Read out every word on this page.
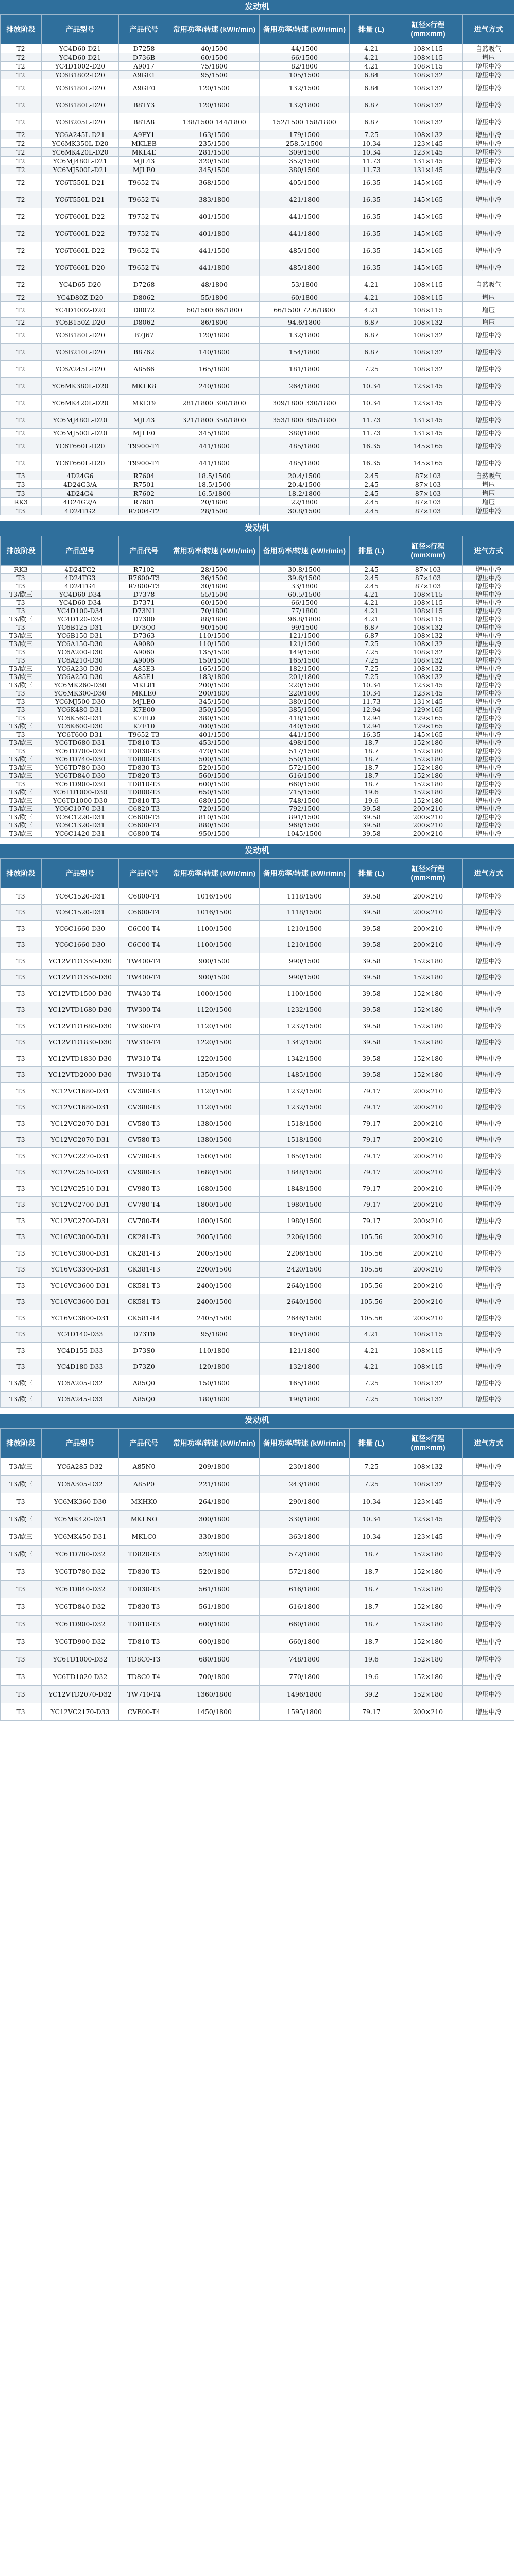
发动机
排放阶段	产品型号	产品代号	常用功率/转速 (kW/r/min)	备用功率/转速 (kW/r/min)	排量 (L)	缸径×行程 (mm×mm)	进气方式
T2	YC4D60-D21	D7258	40/1500	44/1500	4.21	108×115	自然吸气
T2	YC4D60-D21	D736B	60/1500	66/1500	4.21	108×115	增压
T2	YC4D1002-D20	A9017	75/1800	82/1800	4.21	108×115	增压中冷
T2	YC6B1802-D20	A9GE1	95/1500	105/1500	6.84	108×132	增压中冷
T2	YC6B180L-D20	A9GF0	120/1500	132/1500	6.84	108×132	增压中冷
T2	YC6B180L-D20	B8TY3	120/1800	132/1800	6.87	108×132	增压中冷
T2	YC6B205L-D20	B8TA8	138/1500 144/1800	152/1500 158/1800	6.87	108×132	增压中冷
T2	YC6A245L-D21	A9FY1	163/1500	179/1500	7.25	108×132	增压中冷
T2	YC6MK350L-D20	MKLEB	235/1500	258.5/1500	10.34	123×145	增压中冷
T2	YC6MK420L-D20	MKL4E	281/1500	309/1500	10.34	123×145	增压中冷
T2	YC6MJ480L-D21	MJL43	320/1500	352/1500	11.73	131×145	增压中冷
T2	YC6MJ500L-D21	MJLE0	345/1500	380/1500	11.73	131×145	增压中冷
T2	YC6T550L-D21	T9652-T4	368/1500	405/1500	16.35	145×165	增压中冷
T2	YC6T550L-D21	T9652-T4	383/1800	421/1800	16.35	145×165	增压中冷
T2	YC6T600L-D22	T9752-T4	401/1500	441/1500	16.35	145×165	增压中冷
T2	YC6T600L-D22	T9752-T4	401/1800	441/1800	16.35	145×165	增压中冷
T2	YC6T660L-D22	T9652-T4	441/1500	485/1500	16.35	145×165	增压中冷
T2	YC6T660L-D20	T9652-T4	441/1800	485/1800	16.35	145×165	增压中冷
T2	YC4D65-D20	D7268	48/1800	53/1800	4.21	108×115	自然吸气
T2	YC4D80Z-D20	D8062	55/1800	60/1800	4.21	108×115	增压
T2	YC4D100Z-D20	D8072	60/1500 66/1800	66/1500 72.6/1800	4.21	108×115	增压
T2	YC6B150Z-D20	D8062	86/1800	94.6/1800	6.87	108×132	增压
T2	YC6B180L-D20	B7J67	120/1800	132/1800	6.87	108×132	增压中冷
T2	YC6B210L-D20	B8762	140/1800	154/1800	6.87	108×132	增压中冷
T2	YC6A245L-D20	A8566	165/1800	181/1800	7.25	108×132	增压中冷
T2	YC6MK380L-D20	MKLK8	240/1800	264/1800	10.34	123×145	增压中冷
T2	YC6MK420L-D20	MKLT9	281/1800 300/1800	309/1800 330/1800	10.34	123×145	增压中冷
T2	YC6MJ480L-D20	MJL43	321/1800 350/1800	353/1800 385/1800	11.73	131×145	增压中冷
T2	YC6MJ500L-D20	MJLE0	345/1800	380/1800	11.73	131×145	增压中冷
T2	YC6T660L-D20	T9900-T4	441/1800	485/1800	16.35	145×165	增压中冷
T2	YC6T660L-D20	T9900-T4	441/1800	485/1800	16.35	145×165	增压中冷
T3	4D24G6	R7604	18.5/1500	20.4/1500	2.45	87×103	自然吸气
T3	4D24G3/A	R7501	18.5/1500	20.4/1500	2.45	87×103	增压
T3	4D24G4	R7602	16.5/1800	18.2/1800	2.45	87×103	增压
RK3	4D24G2/A	R7601	20/1800	22/1800	2.45	87×103	增压
T3	4D24TG2	R7004-T2	28/1500	30.8/1500	2.45	87×103	增压中冷
发动机
排放阶段	产品型号	产品代号	常用功率/转速 (kW/r/min)	备用功率/转速 (kW/r/min)	排量 (L)	缸径×行程 (mm×mm)	进气方式
RK3	4D24TG2	R7102	28/1500	30.8/1500	2.45	87×103	增压中冷
T3	4D24TG3	R7600-T3	36/1500	39.6/1500	2.45	87×103	增压中冷
T3	4D24TG4	R7800-T3	30/1800	33/1800	2.45	87×103	增压中冷
T3/欧三	YC4D60-D34	D7378	55/1500	60.5/1500	4.21	108×115	增压中冷
T3	YC4D60-D34	D7371	60/1500	66/1500	4.21	108×115	增压中冷
T3	YC4D100-D34	D73N1	70/1800	77/1800	4.21	108×115	增压中冷
T3/欧三	YC4D120-D34	D7300	88/1800	96.8/1800	4.21	108×115	增压中冷
T3	YC6B125-D31	D73Q0	90/1500	99/1500	6.87	108×132	增压中冷
T3/欧三	YC6B150-D31	D7363	110/1500	121/1500	6.87	108×132	增压中冷
T3/欧三	YC6A150-D30	A9080	110/1500	121/1500	7.25	108×132	增压中冷
T3	YC6A200-D30	A9060	135/1500	149/1500	7.25	108×132	增压中冷
T3	YC6A210-D30	A9006	150/1500	165/1500	7.25	108×132	增压中冷
T3/欧三	YC6A230-D30	A85E3	165/1500	182/1500	7.25	108×132	增压中冷
T3/欧三	YC6A250-D30	A85E1	183/1800	201/1800	7.25	108×132	增压中冷
T3/欧三	YC6MK260-D30	MKL81	200/1500	220/1500	10.34	123×145	增压中冷
T3	YC6MK300-D30	MKLE0	200/1800	220/1800	10.34	123×145	增压中冷
T3	YC6MJ500-D30	MJLE0	345/1500	380/1500	11.73	131×145	增压中冷
T3	YC6K480-D31	K7E00	350/1500	385/1500	12.94	129×165	增压中冷
T3	YC6K560-D31	K7EL0	380/1500	418/1500	12.94	129×165	增压中冷
T3/欧三	YC6K600-D30	K7E10	400/1500	440/1500	12.94	129×165	增压中冷
T3	YC6T600-D31	T9652-T3	401/1500	441/1500	16.35	145×165	增压中冷
T3/欧三	YC6TD680-D31	TD810-T3	453/1500	498/1500	18.7	152×180	增压中冷
T3	YC6TD700-D30	TD830-T3	470/1500	517/1500	18.7	152×180	增压中冷
T3/欧三	YC6TD740-D30	TD800-T3	500/1500	550/1500	18.7	152×180	增压中冷
T3/欧三	YC6TD780-D30	TD830-T3	520/1500	572/1500	18.7	152×180	增压中冷
T3/欧三	YC6TD840-D30	TD820-T3	560/1500	616/1500	18.7	152×180	增压中冷
T3	YC6TD900-D30	TD810-T3	600/1500	660/1500	18.7	152×180	增压中冷
T3/欧三	YC6TD1000-D30	TD800-T3	650/1500	715/1500	19.6	152×180	增压中冷
T3/欧三	YC6TD1000-D30	TD810-T3	680/1500	748/1500	19.6	152×180	增压中冷
T3/欧三	YC6C1070-D31	C6820-T3	720/1500	792/1500	39.58	200×210	增压中冷
T3/欧三	YC6C1220-D31	C6600-T3	810/1500	891/1500	39.58	200×210	增压中冷
T3/欧三	YC6C1320-D31	C6600-T4	880/1500	968/1500	39.58	200×210	增压中冷
T3/欧三	YC6C1420-D31	C6800-T4	950/1500	1045/1500	39.58	200×210	增压中冷
发动机
排放阶段	产品型号	产品代号	常用功率/转速 (kW/r/min)	备用功率/转速 (kW/r/min)	排量 (L)	缸径×行程 (mm×mm)	进气方式
T3	YC6C1520-D31	C6800-T4	1016/1500	1118/1500	39.58	200×210	增压中冷
T3	YC6C1520-D31	C6600-T4	1016/1500	1118/1500	39.58	200×210	增压中冷
T3	YC6C1660-D30	C6C00-T4	1100/1500	1210/1500	39.58	200×210	增压中冷
T3	YC6C1660-D30	C6C00-T4	1100/1500	1210/1500	39.58	200×210	增压中冷
T3	YC12VTD1350-D30	TW400-T4	900/1500	990/1500	39.58	152×180	增压中冷
T3	YC12VTD1350-D30	TW400-T4	900/1500	990/1500	39.58	152×180	增压中冷
T3	YC12VTD1500-D30	TW430-T4	1000/1500	1100/1500	39.58	152×180	增压中冷
T3	YC12VTD1680-D30	TW300-T4	1120/1500	1232/1500	39.58	152×180	增压中冷
T3	YC12VTD1680-D30	TW300-T4	1120/1500	1232/1500	39.58	152×180	增压中冷
T3	YC12VTD1830-D30	TW310-T4	1220/1500	1342/1500	39.58	152×180	增压中冷
T3	YC12VTD1830-D30	TW310-T4	1220/1500	1342/1500	39.58	152×180	增压中冷
T3	YC12VTD2000-D30	TW310-T4	1350/1500	1485/1500	39.58	152×180	增压中冷
T3	YC12VC1680-D31	CV380-T3	1120/1500	1232/1500	79.17	200×210	增压中冷
T3	YC12VC1680-D31	CV380-T3	1120/1500	1232/1500	79.17	200×210	增压中冷
T3	YC12VC2070-D31	CV580-T3	1380/1500	1518/1500	79.17	200×210	增压中冷
T3	YC12VC2070-D31	CV580-T3	1380/1500	1518/1500	79.17	200×210	增压中冷
T3	YC12VC2270-D31	CV780-T3	1500/1500	1650/1500	79.17	200×210	增压中冷
T3	YC12VC2510-D31	CV980-T3	1680/1500	1848/1500	79.17	200×210	增压中冷
T3	YC12VC2510-D31	CV980-T3	1680/1500	1848/1500	79.17	200×210	增压中冷
T3	YC12VC2700-D31	CV780-T4	1800/1500	1980/1500	79.17	200×210	增压中冷
T3	YC12VC2700-D31	CV780-T4	1800/1500	1980/1500	79.17	200×210	增压中冷
T3	YC16VC3000-D31	CK281-T3	2005/1500	2206/1500	105.56	200×210	增压中冷
T3	YC16VC3000-D31	CK281-T3	2005/1500	2206/1500	105.56	200×210	增压中冷
T3	YC16VC3300-D31	CK381-T3	2200/1500	2420/1500	105.56	200×210	增压中冷
T3	YC16VC3600-D31	CK581-T3	2400/1500	2640/1500	105.56	200×210	增压中冷
T3	YC16VC3600-D31	CK581-T3	2400/1500	2640/1500	105.56	200×210	增压中冷
T3	YC16VC3600-D31	CK581-T4	2405/1500	2646/1500	105.56	200×210	增压中冷
T3	YC4D140-D33	D73T0	95/1800	105/1800	4.21	108×115	增压中冷
T3	YC4D155-D33	D73S0	110/1800	121/1800	4.21	108×115	增压中冷
T3	YC4D180-D33	D73Z0	120/1800	132/1800	4.21	108×115	增压中冷
T3/欧三	YC6A205-D32	A85Q0	150/1800	165/1800	7.25	108×132	增压中冷
T3/欧三	YC6A245-D33	A85Q0	180/1800	198/1800	7.25	108×132	增压中冷
发动机
排放阶段	产品型号	产品代号	常用功率/转速 (kW/r/min)	备用功率/转速 (kW/r/min)	排量 (L)	缸径×行程 (mm×mm)	进气方式
T3/欧三	YC6A285-D32	A85N0	209/1800	230/1800	7.25	108×132	增压中冷
T3/欧三	YC6A305-D32	A85P0	221/1800	243/1800	7.25	108×132	增压中冷
T3	YC6MK360-D30	MKHK0	264/1800	290/1800	10.34	123×145	增压中冷
T3/欧三	YC6MK420-D31	MKLNO	300/1800	330/1800	10.34	123×145	增压中冷
T3/欧三	YC6MK450-D31	MKLC0	330/1800	363/1800	10.34	123×145	增压中冷
T3/欧三	YC6TD780-D32	TD820-T3	520/1800	572/1800	18.7	152×180	增压中冷
T3	YC6TD780-D32	TD830-T3	520/1800	572/1800	18.7	152×180	增压中冷
T3	YC6TD840-D32	TD830-T3	561/1800	616/1800	18.7	152×180	增压中冷
T3	YC6TD840-D32	TD830-T3	561/1800	616/1800	18.7	152×180	增压中冷
T3	YC6TD900-D32	TD810-T3	600/1800	660/1800	18.7	152×180	增压中冷
T3	YC6TD900-D32	TD810-T3	600/1800	660/1800	18.7	152×180	增压中冷
T3	YC6TD1000-D32	TD8C0-T3	680/1800	748/1800	19.6	152×180	增压中冷
T3	YC6TD1020-D32	TD8C0-T4	700/1800	770/1800	19.6	152×180	增压中冷
T3	YC12VTD2070-D32	TW710-T4	1360/1800	1496/1800	39.2	152×180	增压中冷
T3	YC12VC2170-D33	CVE00-T4	1450/1800	1595/1800	79.17	200×210	增压中冷
